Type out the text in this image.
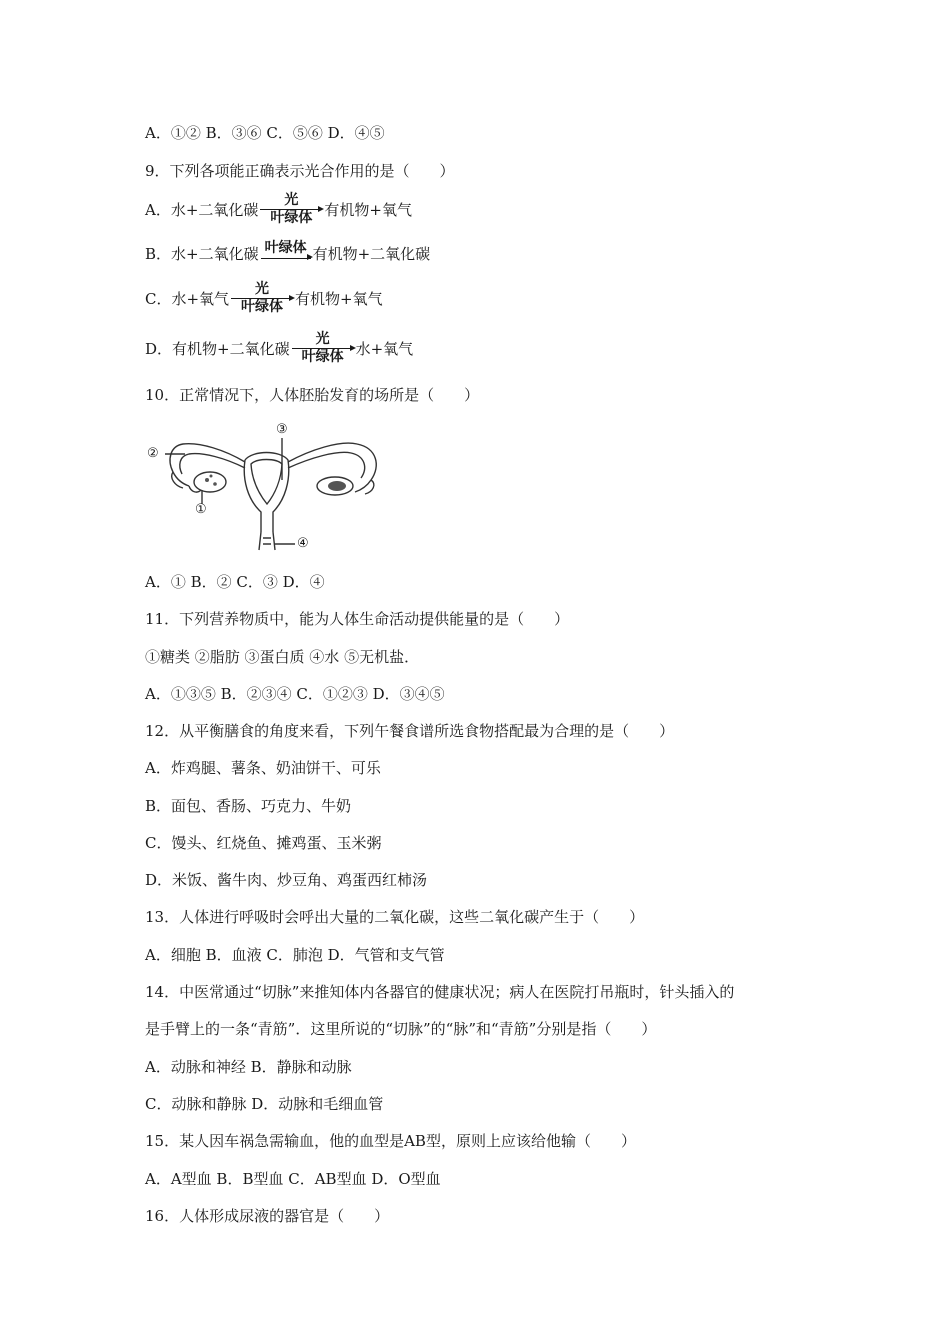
A．①② B．③⑥ C．⑤⑥ D．④⑤
9．下列各项能正确表示光合作用的是（　　）
A．水+二氧化碳
光
叶绿体 有机物+氧气
B．水+二氧化碳 叶绿体 有机物+二氧化碳
C．水+氧气
光
叶绿体 有机物+氧气
D．有机物+二氧化碳
光
叶绿体 水+氧气
10．正常情况下，人体胚胎发育的场所是（　　）
②
③
①
④
A．① B．② C．③ D．④
11．下列营养物质中，能为人体生命活动提供能量的是（　　）
①糖类 ②脂肪 ③蛋白质 ④水 ⑤无机盐．
A．①③⑤ B．②③④ C．①②③ D．③④⑤
12．从平衡膳食的角度来看，下列午餐食谱所选食物搭配最为合理的是（　　）
A．炸鸡腿、薯条、奶油饼干、可乐
B．面包、香肠、巧克力、牛奶
C．馒头、红烧鱼、摊鸡蛋、玉米粥
D．米饭、酱牛肉、炒豆角、鸡蛋西红柿汤
13．人体进行呼吸时会呼出大量的二氧化碳，这些二氧化碳产生于（　　）
A．细胞 B．血液 C．肺泡 D．气管和支气管
14．中医常通过“切脉”来推知体内各器官的健康状况；病人在医院打吊瓶时，针头插入的
是手臂上的一条“青筋”．这里所说的“切脉”的“脉”和“青筋”分别是指（　　）
A．动脉和神经 B．静脉和动脉
C．动脉和静脉 D．动脉和毛细血管
15．某人因车祸急需输血，他的血型是AB型，原则上应该给他输（　　）
A．A型血 B．B型血 C．AB型血 D．O型血
16．人体形成尿液的器官是（　　）
